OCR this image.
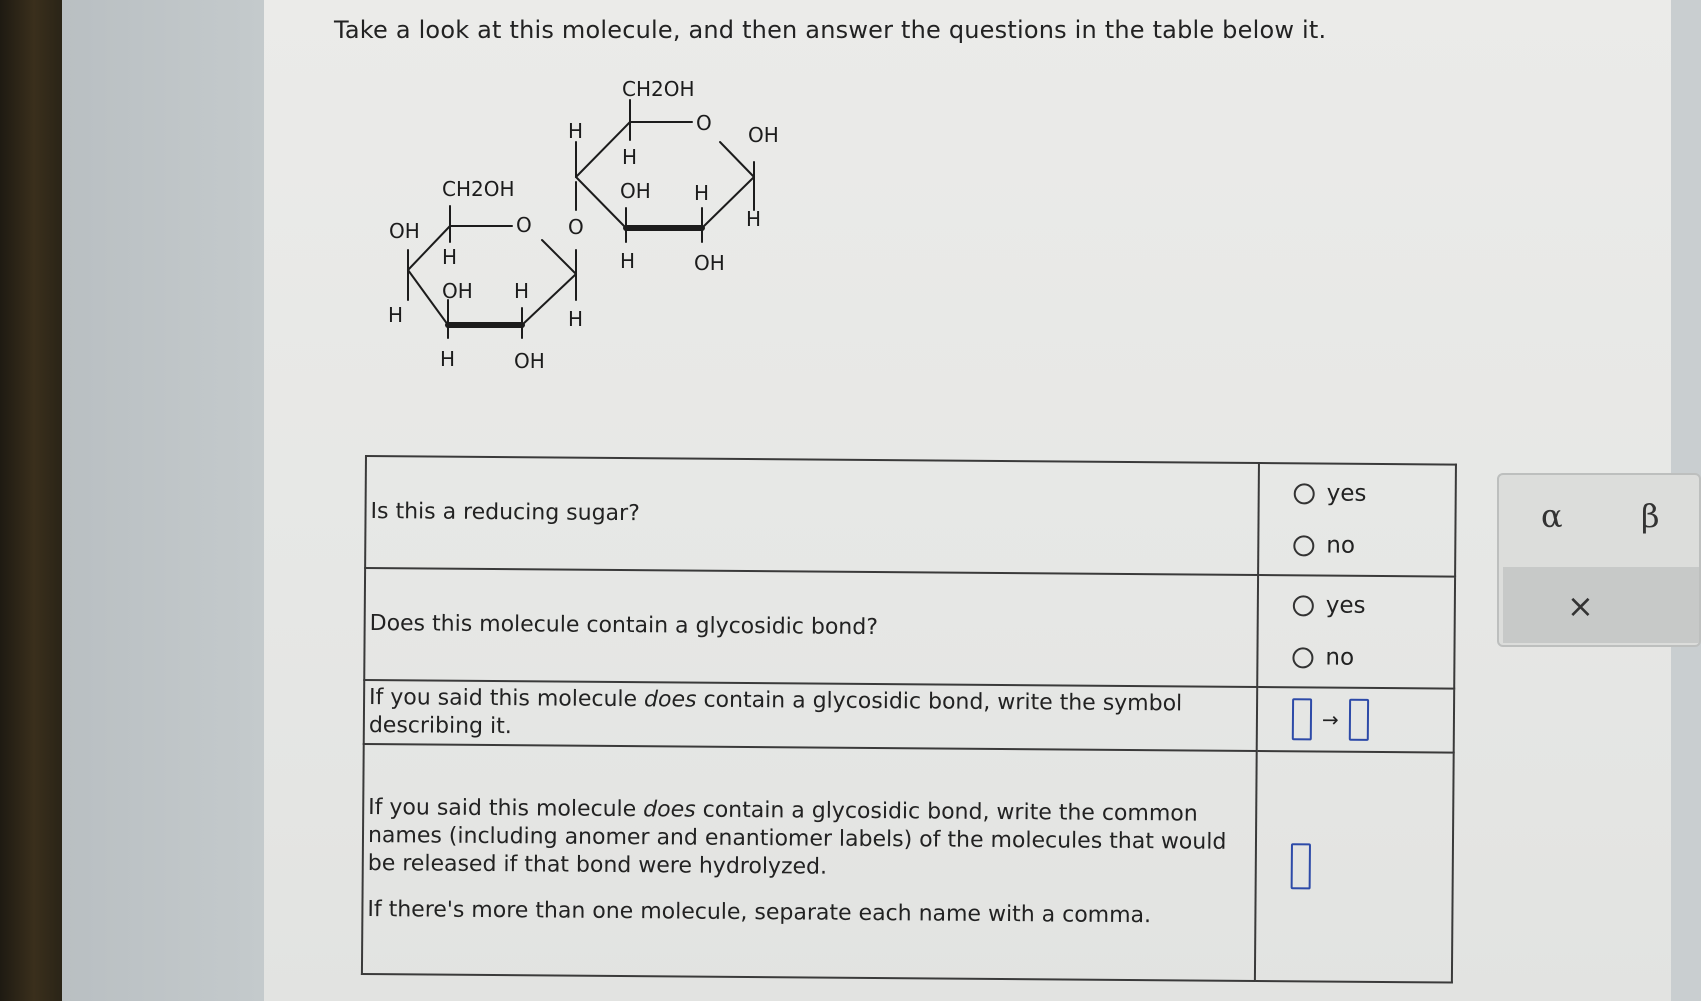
Take a look at this molecule, and then answer the questions in the table below it.
CH2OH
O
OH
H
H
OH H
H	OH
H
O
CH2OH
O
H
H
OH H
OH
H
H	OH

Is this a reducing sugar?	yes
no

Does this molecule contain a glycosidic bond?	yes
no

If you said this molecule does contain a glycosidic bond, write the symbol describing it.	→

If you said this molecule does contain a glycosidic bond, write the common names (including anomer and enantiomer labels) of the molecules that would be released if that bond were hydrolyzed.

If there's more than one molecule, separate each name with a comma.	

α β
×
